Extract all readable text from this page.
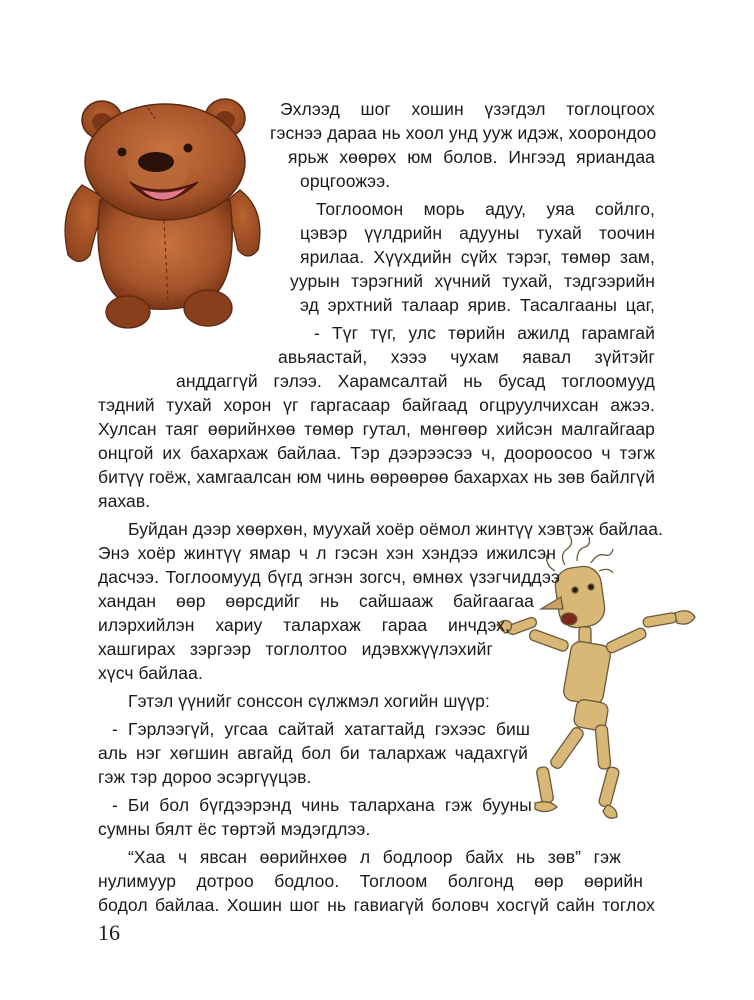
Эхлээд шог хошин үзэгдэл тоглоцгоох
гэснээ дараа нь хоол унд ууж идэж, хоорондоо
ярьж хөөрөх юм болов. Ингээд яриандаа
орцгоожээ.
Тоглоомон морь адуу, уяа сойлго,
цэвэр үүлдрийн адууны тухай тоочин
ярилаа. Хүүхдийн сүйх тэрэг, төмөр зам,
уурын тэрэгний хүчний тухай, тэдгээрийн
эд эрхтний талаар ярив. Тасалгааны цаг,
- Түг түг, улс төрийн ажилд гарамгай
авьяастай, хэээ чухам яавал зүйтэйг
анддаггүй гэлээ. Харамсалтай нь бусад тоглоомууд
тэдний тухай хорон үг гаргасаар байгаад огцруулчихсан ажээ.
Хулсан таяг өөрийнхөө төмөр гутал, мөнгөөр хийсэн малгайгаар
онцгой их бахархаж байлаа. Тэр дээрээсээ ч, доороосоо ч тэгж
битүү гоёж, хамгаалсан юм чинь өөрөөрөө бахархах нь зөв байлгүй
яахав.
Буйдан дээр хөөрхөн, муухай хоёр оёмол жинтүү хэвтэж байлаа.
Энэ хоёр жинтүү ямар ч л гэсэн хэн хэндээ ижилсэн
дасчээ. Тоглоомууд бүгд эгнэн зогсч, өмнөх үзэгчиддээ
хандан өөр өөрсдийг нь сайшааж байгаагаа
илэрхийлэн хариу талархаж гараа инчдэх,
хашгирах зэргээр тоглолтоо идэвхжүүлэхийг
хүсч байлаа.
Гэтэл үүнийг сонссон сүлжмэл хогийн шүүр:
- Гэрлээгүй, угсаа сайтай хатагтайд гэхээс биш
аль нэг хөгшин авгайд бол би талархаж чадахгүй
гэж тэр дороо эсэргүүцэв.
- Би бол бүгдээрэнд чинь талархана гэж бууны
сумны бялт ёс төртэй мэдэгдлээ.
“Хаа ч явсан өөрийнхөө л бодлоор байх нь зөв” гэж
нулимуур дотроо бодлоо. Тоглоом болгонд өөр өөрийн
бодол байлаа. Хошин шог нь гавиагүй боловч хосгүй сайн тоглох
16
